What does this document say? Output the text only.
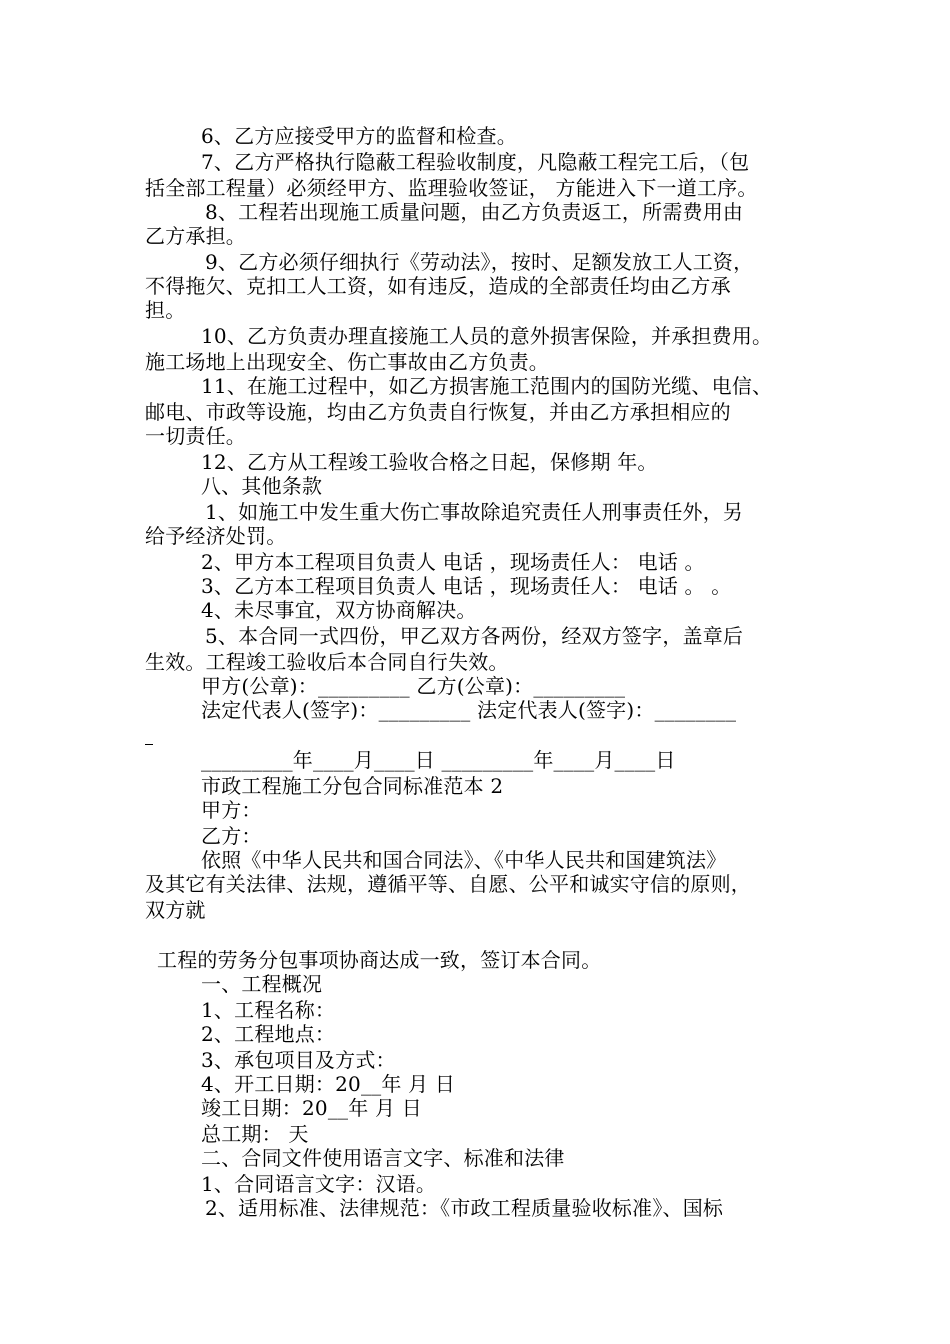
6、乙方应接受甲方的监督和检查。
7、乙方严格执行隐蔽工程验收制度，凡隐蔽工程完工后，（包
括全部工程量）必须经甲方、监理验收签证， 方能进入下一道工序。
8、工程若出现施工质量问题，由乙方负责返工，所需费用由
乙方承担。
9、乙方必须仔细执行《劳动法》，按时、足额发放工人工资，
不得拖欠、克扣工人工资，如有违反，造成的全部责任均由乙方承
担。
10、乙方负责办理直接施工人员的意外损害保险，并承担费用。
施工场地上出现安全、伤亡事故由乙方负责。
11、在施工过程中，如乙方损害施工范围内的国防光缆、电信、
邮电、市政等设施，均由乙方负责自行恢复，并由乙方承担相应的
一切责任。
12、乙方从工程竣工验收合格之日起，保修期 年。
八、其他条款
1、如施工中发生重大伤亡事故除追究责任人刑事责任外，另
给予经济处罚。
2、甲方本工程项目负责人 电话 ，现场责任人： 电话 。
3、乙方本工程项目负责人 电话 ，现场责任人： 电话 。 。
4、未尽事宜，双方协商解决。
5、本合同一式四份，甲乙双方各两份，经双方签字，盖章后
生效。工程竣工验收后本合同自行失效。
甲方(公章)：_________ 乙方(公章)：_________
法定代表人(签字)：_________ 法定代表人(签字)：________
_________年____月____日 _________年____月____日
市政工程施工分包合同标准范本 2
甲方：
乙方：
依照《中华人民共和国合同法》、《中华人民共和国建筑法》
及其它有关法律、法规，遵循平等、自愿、公平和诚实守信的原则，
双方就
工程的劳务分包事项协商达成一致，签订本合同。
一、工程概况
1、工程名称：
2、工程地点：
3、承包项目及方式：
4、开工日期：20__年 月 日
竣工日期：20__年 月 日
总工期： 天
二、合同文件使用语言文字、标准和法律
1、合同语言文字：汉语。
2、适用标准、法律规范：《市政工程质量验收标准》、国标
